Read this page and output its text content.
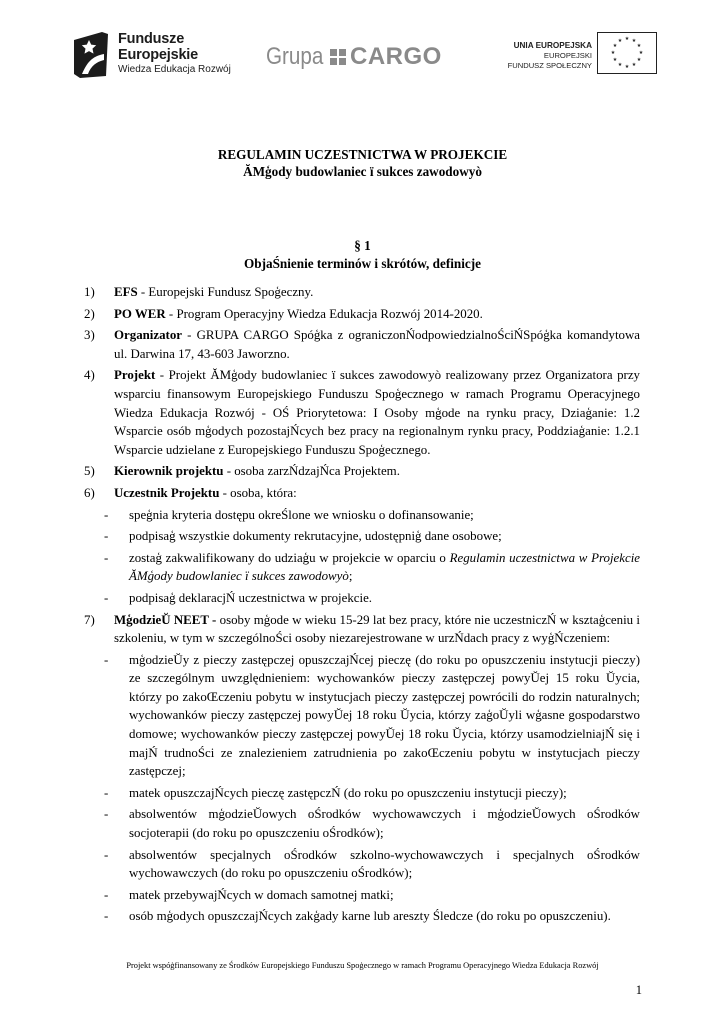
Fundusze
Europejskie
Wiedza Edukacja Rozwój Grupa CARGO	UNIA EUROPEJSKA
EUROPEJSKI
FUNDUSZ SPOŁECZNY
★ ★
★
★
★
★
★
★
★
★
★
★
REGULAMIN UCZESTNICTWA W PROJEKCIE
ĂMģody budowlaniec ï sukces zawodowyò
§ 1
ObjaŚnienie terminów i skrótów, definicje
1) EFS - Europejski Fundusz Spoģeczny.
2) PO WER - Program Operacyjny Wiedza Edukacja Rozwój 2014-2020.
3) Organizator - GRUPA CARGO Spóģka z ograniczonŃodpowiedzialnoŚciŃSpóģka komandytowa ul. Darwina 17, 43-603 Jaworzno.
4) Projekt - Projekt ĂMģody budowlaniec ï sukces zawodowyò realizowany przez Organizatora przy wsparciu finansowym Europejskiego Funduszu Spoģecznego w ramach Programu Operacyjnego Wiedza Edukacja Rozwój - OŚ Priorytetowa: I Osoby mģode na rynku pracy, Dziaģanie: 1.2 Wsparcie osób mģodych pozostajŃcych bez pracy na regionalnym rynku pracy, Poddziaģanie: 1.2.1 Wsparcie udzielane z Europejskiego Funduszu Spoģecznego.
5) Kierownik projektu - osoba zarzŃdzajŃca Projektem.
6) Uczestnik Projektu - osoba, która:
- speģnia kryteria dostępu okreŚlone we wniosku o dofinansowanie;
- podpisaģ wszystkie dokumenty rekrutacyjne, udostępniģ dane osobowe;
- zostaģ zakwalifikowany do udziaģu w projekcie w oparciu o Regulamin uczestnictwa w Projekcie ĂMģody budowlaniec ï sukces zawodowyò;
- podpisaģ deklaracjŃ uczestnictwa w projekcie.
7) MģodzieŬ NEET - osoby mģode w wieku 15-29 lat bez pracy, które nie uczestniczŃ w ksztaģceniu i szkoleniu, w tym w szczególnoŚci osoby niezarejestrowane w urzŃdach pracy z wyģŃczeniem:
- mģodzieŬy z pieczy zastępczej opuszczajŃcej pieczę (do roku po opuszczeniu instytucji pieczy) ze szczególnym uwzględnieniem: wychowanków pieczy zastępczej powyŬej 15 roku Ŭycia, którzy po zakoŒczeniu pobytu w instytucjach pieczy zastępczej powrócili do rodzin naturalnych; wychowanków pieczy zastępczej powyŬej 18 roku Ŭycia, którzy zaģoŬyli wģasne gospodarstwo domowe; wychowanków pieczy zastępczej powyŬej 18 roku Ŭycia, którzy usamodzielniajŃ się i majŃ trudnoŚci ze znalezieniem zatrudnienia po zakoŒczeniu pobytu w instytucjach pieczy zastępczej;
- matek opuszczajŃcych pieczę zastępczŃ (do roku po opuszczeniu instytucji pieczy);
- absolwentów mģodzieŬowych oŚrodków wychowawczych i mģodzieŬowych oŚrodków socjoterapii (do roku po opuszczeniu oŚrodków);
- absolwentów specjalnych oŚrodków szkolno-wychowawczych i specjalnych oŚrodków wychowawczych (do roku po opuszczeniu oŚrodków);
- matek przebywajŃcych w domach samotnej matki;
- osób mģodych opuszczajŃcych zakģady karne lub areszty Śledcze (do roku po opuszczeniu).
Projekt wspóģfinansowany ze Środków Europejskiego Funduszu Spoģecznego w ramach Programu Operacyjnego Wiedza Edukacja Rozwój
1
